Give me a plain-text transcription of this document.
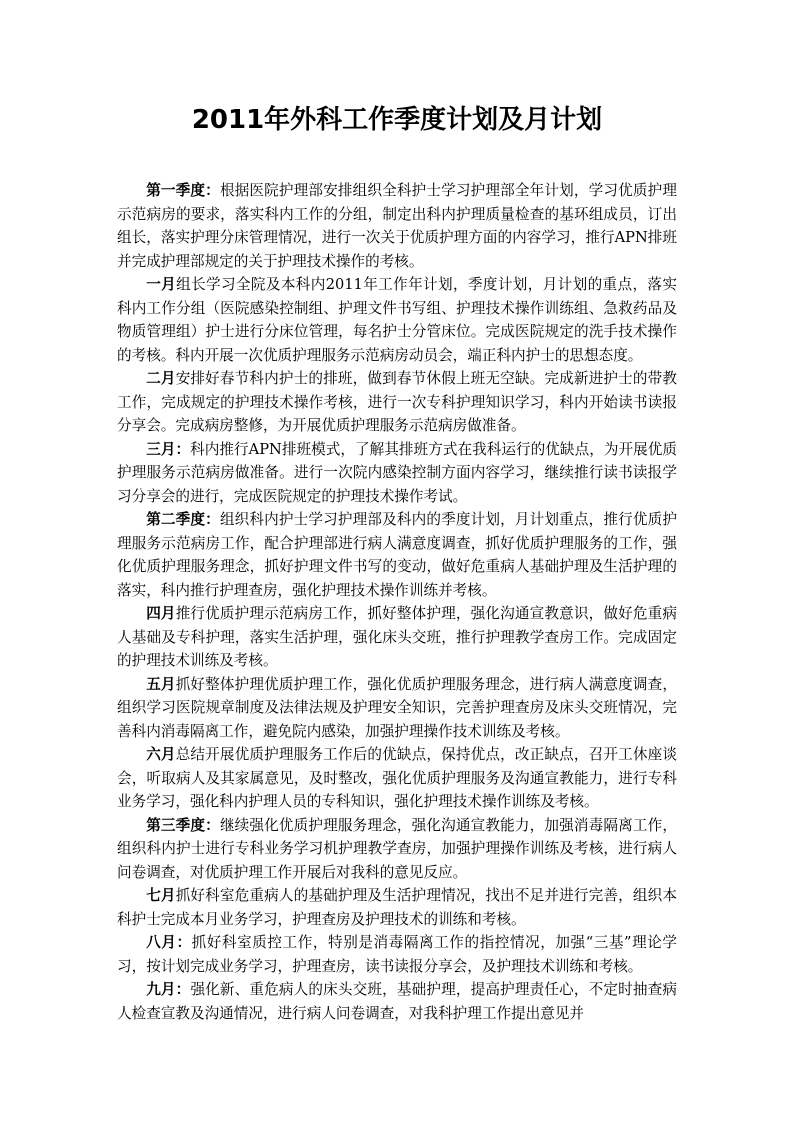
2011年外科工作季度计划及月计划

第一季度：根据医院护理部安排组织全科护士学习护理部全年计划，学习优质护理示范病房的要求，落实科内工作的分组，制定出科内护理质量检查的基环组成员，订出组长，落实护理分床管理情况，进行一次关于优质护理方面的内容学习，推行APN排班并完成护理部规定的关于护理技术操作的考核。

一月组长学习全院及本科内2011年工作年计划，季度计划，月计划的重点，落实科内工作分组（医院感染控制组、护理文件书写组、护理技术操作训练组、急救药品及物质管理组）护士进行分床位管理，每名护士分管床位。完成医院规定的洗手技术操作的考核。科内开展一次优质护理服务示范病房动员会，端正科内护士的思想态度。

二月安排好春节科内护士的排班，做到春节休假上班无空缺。完成新进护士的带教工作，完成规定的护理技术操作考核，进行一次专科护理知识学习，科内开始读书读报分享会。完成病房整修，为开展优质护理服务示范病房做准备。

三月：科内推行APN排班模式，了解其排班方式在我科运行的优缺点，为开展优质护理服务示范病房做准备。进行一次院内感染控制方面内容学习，继续推行读书读报学习分享会的进行，完成医院规定的护理技术操作考试。

第二季度：组织科内护士学习护理部及科内的季度计划，月计划重点，推行优质护理服务示范病房工作，配合护理部进行病人满意度调查，抓好优质护理服务的工作，强化优质护理服务理念，抓好护理文件书写的变动，做好危重病人基础护理及生活护理的落实，科内推行护理查房，强化护理技术操作训练并考核。

四月推行优质护理示范病房工作，抓好整体护理，强化沟通宣教意识，做好危重病人基础及专科护理，落实生活护理，强化床头交班，推行护理教学查房工作。完成固定的护理技术训练及考核。

五月抓好整体护理优质护理工作，强化优质护理服务理念，进行病人满意度调查，组织学习医院规章制度及法律法规及护理安全知识，完善护理查房及床头交班情况，完善科内消毒隔离工作，避免院内感染，加强护理操作技术训练及考核。

六月总结开展优质护理服务工作后的优缺点，保持优点，改正缺点，召开工休座谈会，听取病人及其家属意见，及时整改，强化优质护理服务及沟通宣教能力，进行专科业务学习，强化科内护理人员的专科知识，强化护理技术操作训练及考核。

第三季度：继续强化优质护理服务理念，强化沟通宣教能力，加强消毒隔离工作，组织科内护士进行专科业务学习机护理教学查房，加强护理操作训练及考核，进行病人问卷调查，对优质护理工作开展后对我科的意见反应。

七月抓好科室危重病人的基础护理及生活护理情况，找出不足并进行完善，组织本科护士完成本月业务学习，护理查房及护理技术的训练和考核。

八月：抓好科室质控工作，特别是消毒隔离工作的指控情况，加强“三基”理论学习，按计划完成业务学习，护理查房，读书读报分享会，及护理技术训练和考核。

九月：强化新、重危病人的床头交班，基础护理，提高护理责任心，不定时抽查病人检查宣教及沟通情况，进行病人问卷调查，对我科护理工作提出意见并
